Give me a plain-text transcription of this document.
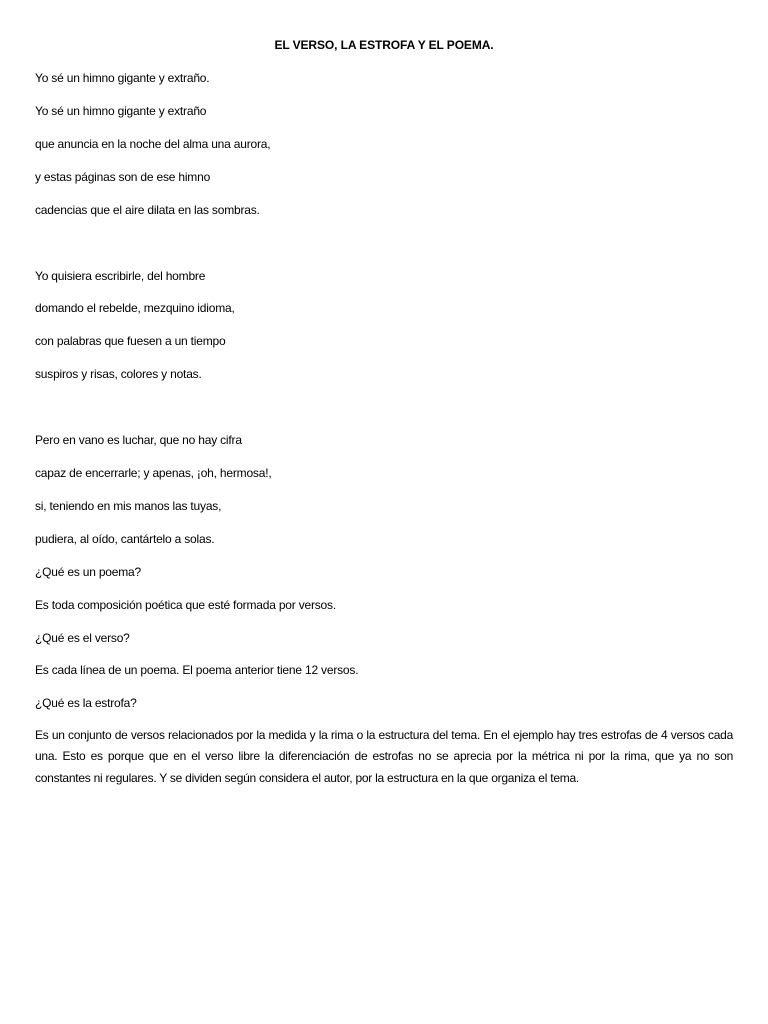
EL VERSO, LA ESTROFA Y EL POEMA.
Yo sé un himno gigante y extraño.
Yo sé un himno gigante y extraño
que anuncia en la noche del alma una aurora,
y estas páginas son de ese himno
cadencias que el aire dilata en las sombras.
Yo quisiera escribirle, del hombre
domando el rebelde, mezquino idioma,
con palabras que fuesen a un tiempo
suspiros y risas, colores y notas.
Pero en vano es luchar, que no hay cifra
capaz de encerrarle; y apenas, ¡oh, hermosa!,
si, teniendo en mis manos las tuyas,
pudiera, al oído, cantártelo a solas.
¿Qué es un poema?
Es toda composición poética que esté formada por versos.
¿Qué es el verso?
Es cada línea de un poema. El poema anterior tiene 12 versos.
¿Qué es la estrofa?
Es un conjunto de versos relacionados por la medida y la rima o la estructura del tema. En el ejemplo hay tres estrofas de 4 versos cada una. Esto es porque que en el verso libre la diferenciación de estrofas no se aprecia por la métrica ni por la rima, que ya no son constantes ni regulares. Y se dividen según considera el autor, por la estructura en la que organiza el tema.
